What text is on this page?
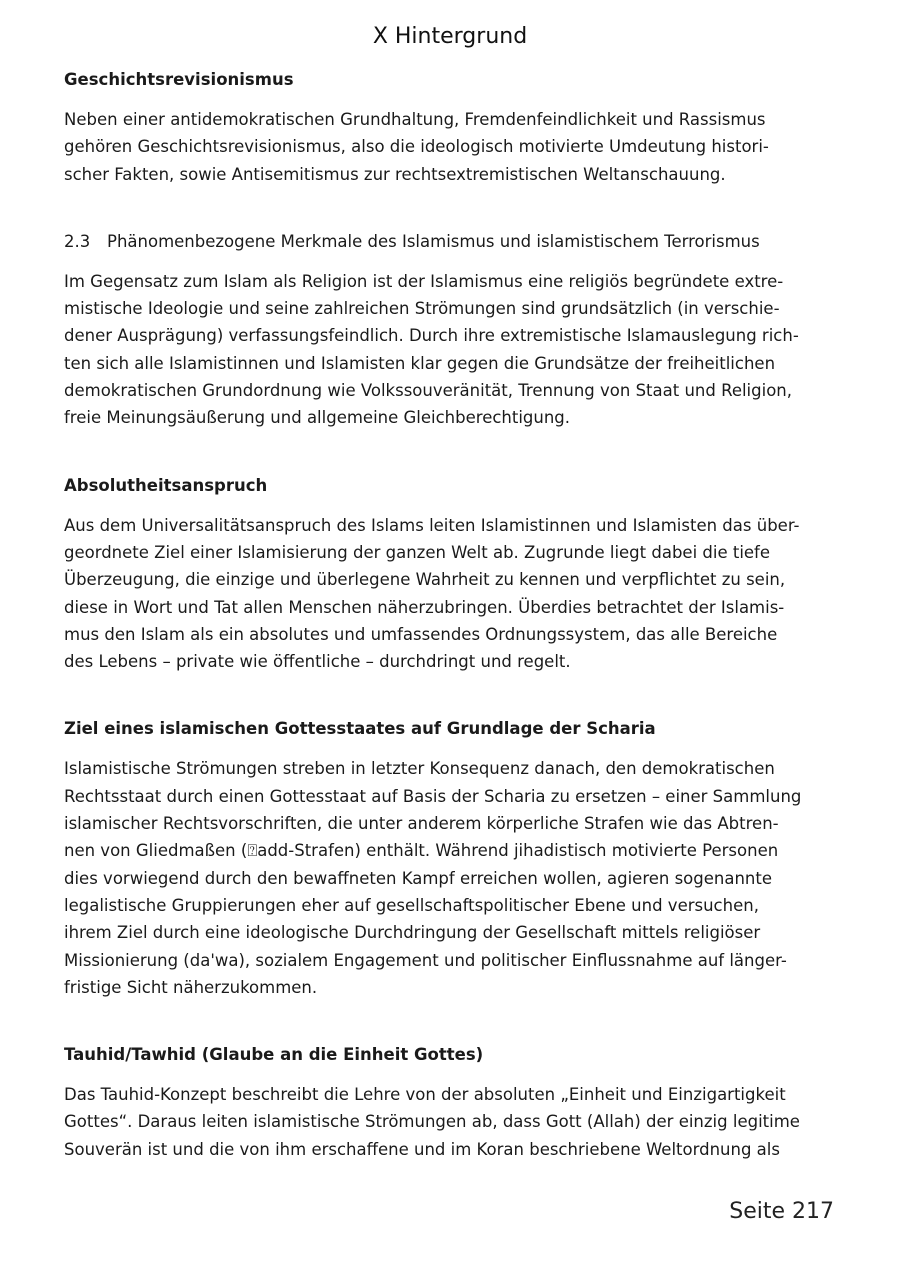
X Hintergrund
Geschichtsrevisionismus
Neben einer antidemokratischen Grundhaltung, Fremdenfeindlichkeit und Rassismus
gehören Geschichtsrevisionismus, also die ideologisch motivierte Umdeutung histori-
scher Fakten, sowie Antisemitismus zur rechtsextremistischen Weltanschauung.
2.3 Phänomenbezogene Merkmale des Islamismus und islamistischem Terrorismus
Im Gegensatz zum Islam als Religion ist der Islamismus eine religiös begründete extre-
mistische Ideologie und seine zahlreichen Strömungen sind grundsätzlich (in verschie-
dener Ausprägung) verfassungsfeindlich. Durch ihre extremistische Islamauslegung rich-
ten sich alle Islamistinnen und Islamisten klar gegen die Grundsätze der freiheitlichen
demokratischen Grundordnung wie Volkssouveränität, Trennung von Staat und Religion,
freie Meinungsäußerung und allgemeine Gleichberechtigung.
Absolutheitsanspruch
Aus dem Universalitätsanspruch des Islams leiten Islamistinnen und Islamisten das über-
geordnete Ziel einer Islamisierung der ganzen Welt ab. Zugrunde liegt dabei die tiefe
Überzeugung, die einzige und überlegene Wahrheit zu kennen und verpflichtet zu sein,
diese in Wort und Tat allen Menschen näherzubringen. Überdies betrachtet der Islamis-
mus den Islam als ein absolutes und umfassendes Ordnungssystem, das alle Bereiche
des Lebens – private wie öffentliche – durchdringt und regelt.
Ziel eines islamischen Gottesstaates auf Grundlage der Scharia
Islamistische Strömungen streben in letzter Konsequenz danach, den demokratischen
Rechtsstaat durch einen Gottesstaat auf Basis der Scharia zu ersetzen – einer Sammlung
islamischer Rechtsvorschriften, die unter anderem körperliche Strafen wie das Abtren-
nen von Gliedmaßen (⍰add-Strafen) enthält. Während jihadistisch motivierte Personen
dies vorwiegend durch den bewaffneten Kampf erreichen wollen, agieren sogenannte
legalistische Gruppierungen eher auf gesellschaftspolitischer Ebene und versuchen,
ihrem Ziel durch eine ideologische Durchdringung der Gesellschaft mittels religiöser
Missionierung (da'wa), sozialem Engagement und politischer Einflussnahme auf länger-
fristige Sicht näherzukommen.
Tauhid/Tawhid (Glaube an die Einheit Gottes)
Das Tauhid-Konzept beschreibt die Lehre von der absoluten „Einheit und Einzigartigkeit
Gottes“. Daraus leiten islamistische Strömungen ab, dass Gott (Allah) der einzig legitime
Souverän ist und die von ihm erschaffene und im Koran beschriebene Weltordnung als
Seite 217
